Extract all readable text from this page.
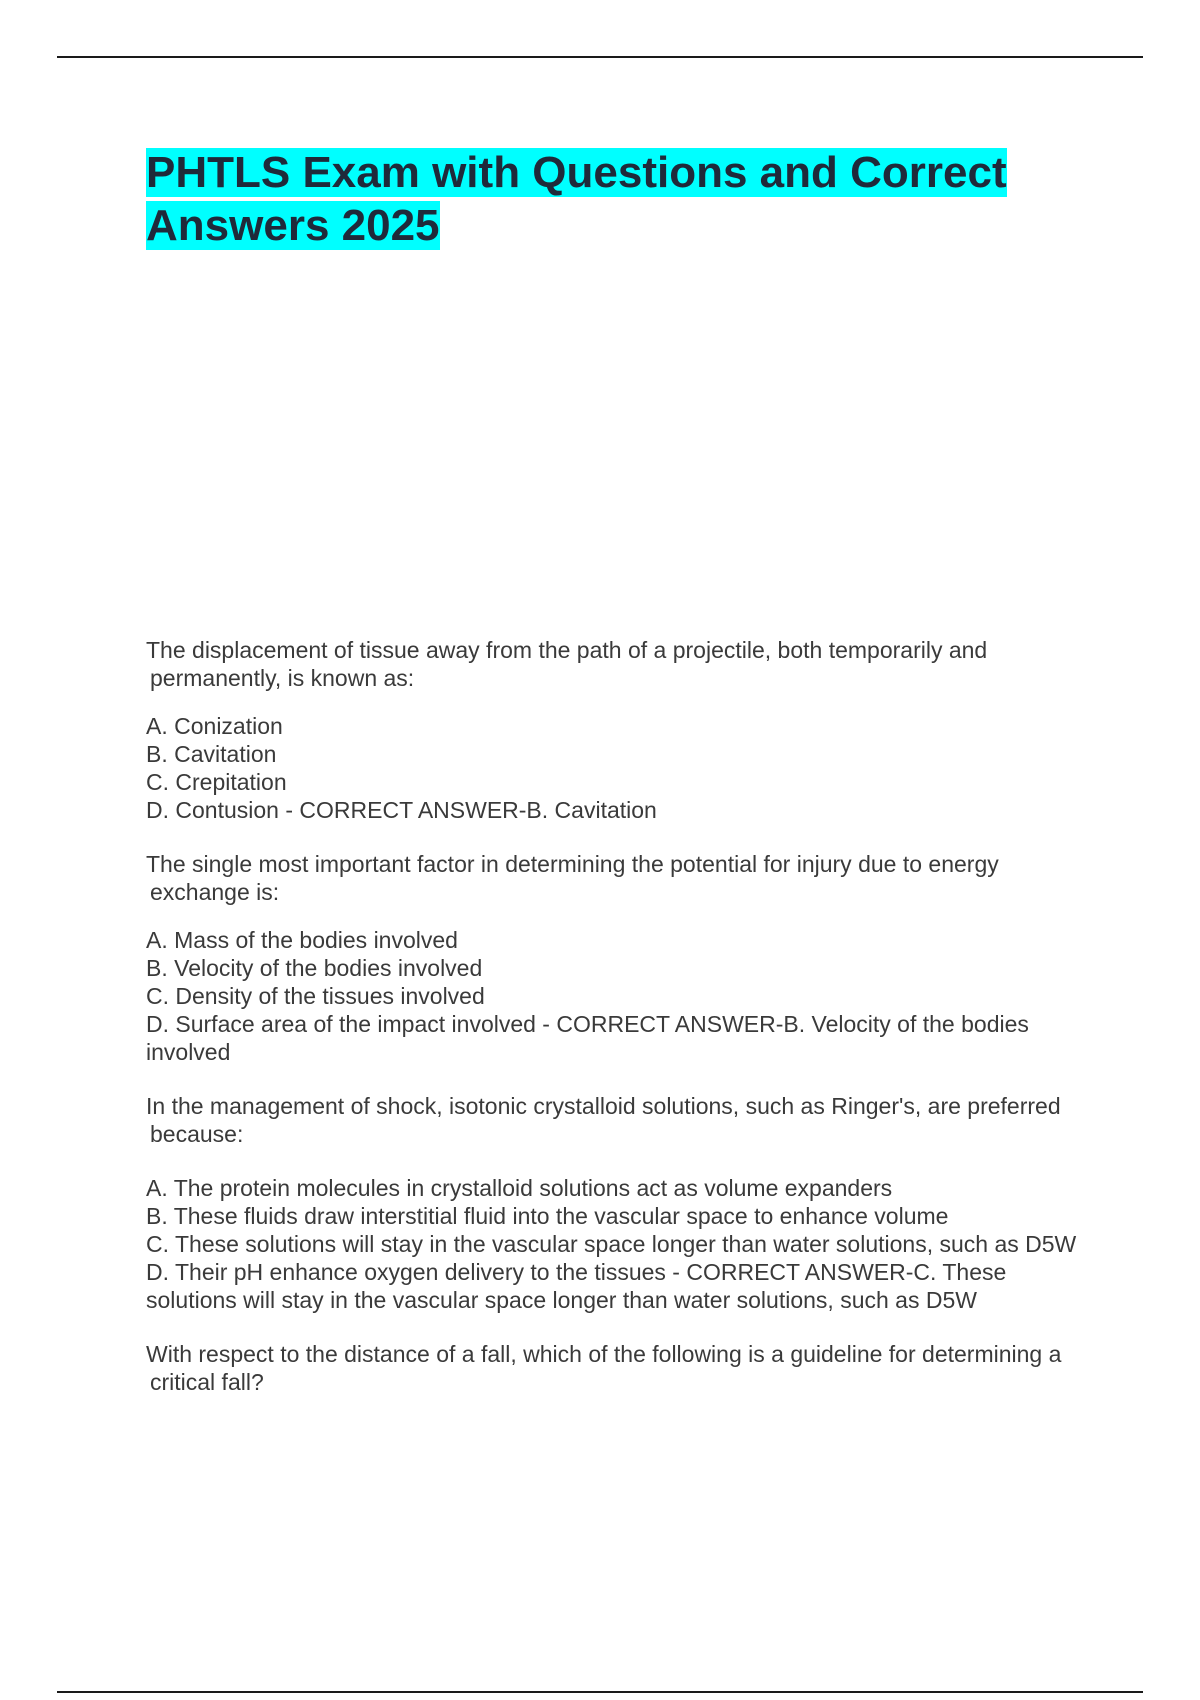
PHTLS Exam with Questions and Correct Answers 2025

The displacement of tissue away from the path of a projectile, both temporarily and permanently, is known as:

A. Conization

B. Cavitation

C. Crepitation

D. Contusion - CORRECT ANSWER-B. Cavitation

The single most important factor in determining the potential for injury due to energy exchange is:

A. Mass of the bodies involved

B. Velocity of the bodies involved

C. Density of the tissues involved

D. Surface area of the impact involved - CORRECT ANSWER-B. Velocity of the bodies involved

In the management of shock, isotonic crystalloid solutions, such as Ringer's, are preferred because:

A. The protein molecules in crystalloid solutions act as volume expanders

B. These fluids draw interstitial fluid into the vascular space to enhance volume

C. These solutions will stay in the vascular space longer than water solutions, such as D5W

D. Their pH enhance oxygen delivery to the tissues - CORRECT ANSWER-C. These solutions will stay in the vascular space longer than water solutions, such as D5W

With respect to the distance of a fall, which of the following is a guideline for determining a critical fall?
